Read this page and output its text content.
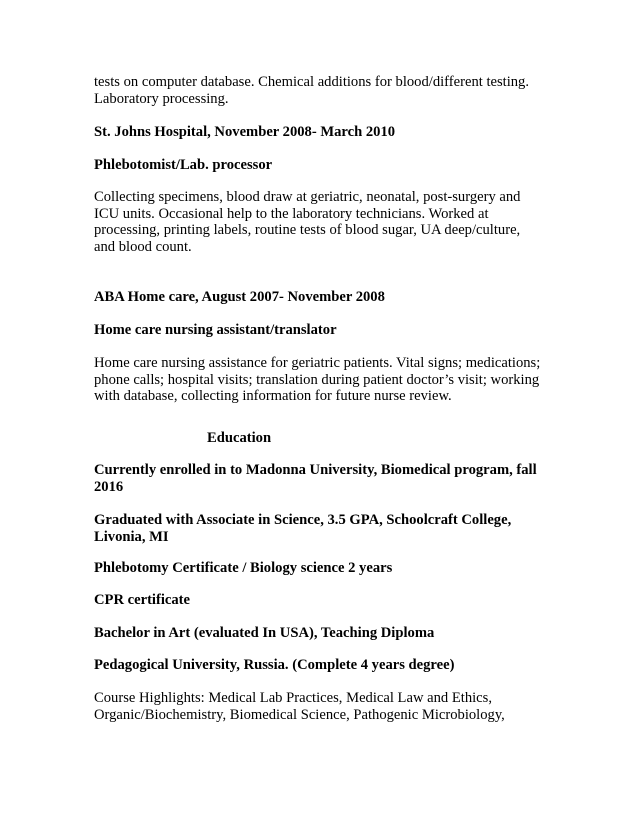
tests on computer database. Chemical additions for blood/different testing.
Laboratory processing.

St. Johns Hospital, November 2008- March 2010

Phlebotomist/Lab. processor

Collecting specimens, blood draw at geriatric, neonatal, post-surgery and
ICU units. Occasional help to the laboratory technicians. Worked at
processing, printing labels, routine tests of blood sugar, UA deep/culture,
and blood count.

ABA Home care, August 2007- November 2008

Home care nursing assistant/translator

Home care nursing assistance for geriatric patients. Vital signs; medications;
phone calls; hospital visits; translation during patient doctor’s visit; working
with database, collecting information for future nurse review.

Education

Currently enrolled in to Madonna University, Biomedical program, fall
2016

Graduated with Associate in Science, 3.5 GPA, Schoolcraft College,
Livonia, MI

Phlebotomy Certificate / Biology science 2 years

CPR certificate

Bachelor in Art (evaluated In USA), Teaching Diploma

Pedagogical University, Russia. (Complete 4 years degree)

Course Highlights: Medical Lab Practices, Medical Law and Ethics,
Organic/Biochemistry, Biomedical Science, Pathogenic Microbiology,
